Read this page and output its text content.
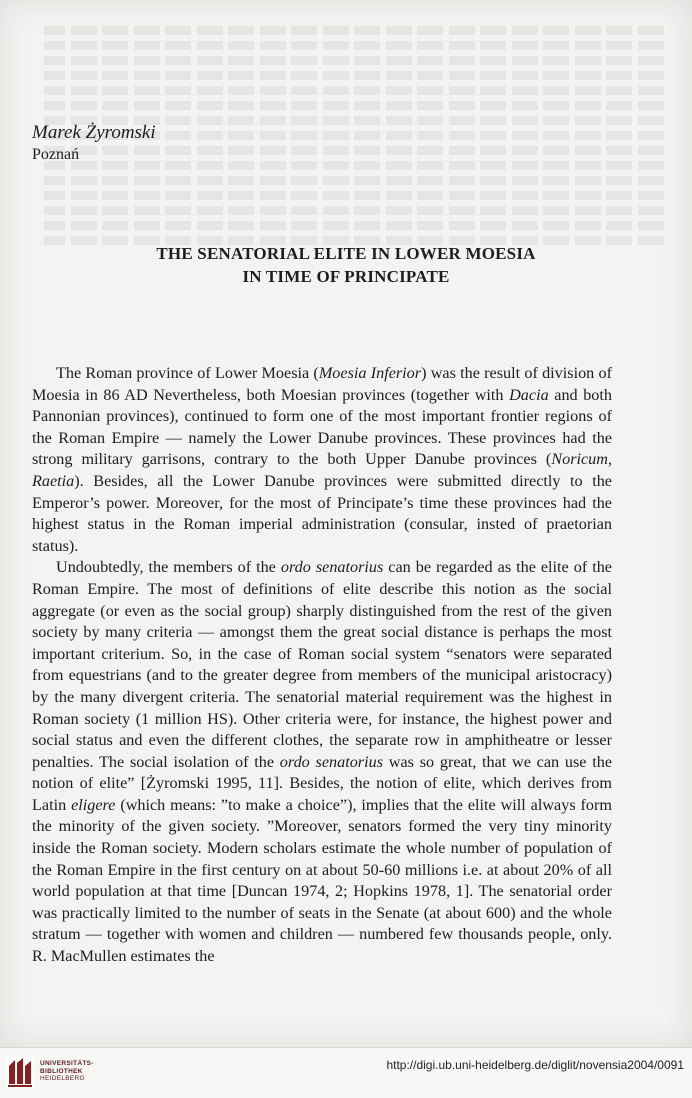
Marek Żyromski

Poznań

THE SENATORIAL ELITE IN LOWER MOESIA
IN TIME OF PRINCIPATE

The Roman province of Lower Moesia (Moesia Inferior) was the result of division of Moesia in 86 AD Nevertheless, both Moesian provinces (together with Dacia and both Pannonian provinces), continued to form one of the most important frontier regions of the Roman Empire — namely the Lower Danube provinces. These provinces had the strong military garrisons, contrary to the both Upper Danube provinces (Noricum, Raetia). Besides, all the Lower Danube provinces were submitted directly to the Emperor’s power. Moreover, for the most of Principate’s time these provinces had the highest status in the Roman imperial administration (consular, insted of praetorian status).

Undoubtedly, the members of the ordo senatorius can be regarded as the elite of the Roman Empire. The most of definitions of elite describe this notion as the social aggregate (or even as the social group) sharply distinguished from the rest of the given society by many criteria — amongst them the great social distance is perhaps the most important criterium. So, in the case of Roman social system “senators were separated from equestrians (and to the greater degree from members of the municipal aristocracy) by the many divergent criteria. The senatorial material requirement was the highest in Roman society (1 million HS). Other criteria were, for instance, the highest power and social status and even the different clothes, the separate row in amphitheatre or lesser penalties. The social isolation of the ordo senatorius was so great, that we can use the notion of elite” [Żyromski 1995, 11]. Besides, the notion of elite, which derives from Latin eligere (which means: ”to make a choice”), implies that the elite will always form the minority of the given society. ”Moreover, senators formed the very tiny minority inside the Roman society. Modern scholars estimate the whole number of population of the Roman Empire in the first century on at about 50-60 millions i.e. at about 20% of all world population at that time [Duncan 1974, 2; Hopkins 1978, 1]. The senatorial order was practically limited to the number of seats in the Senate (at about 600) and the whole stratum — together with women and children — numbered few thousands people, only. R. MacMullen estimates the

UNIVERSITÄTS-
BIBLIOTHEK
HEIDELBERG
http://digi.ub.uni-heidelberg.de/diglit/novensia2004/0091
